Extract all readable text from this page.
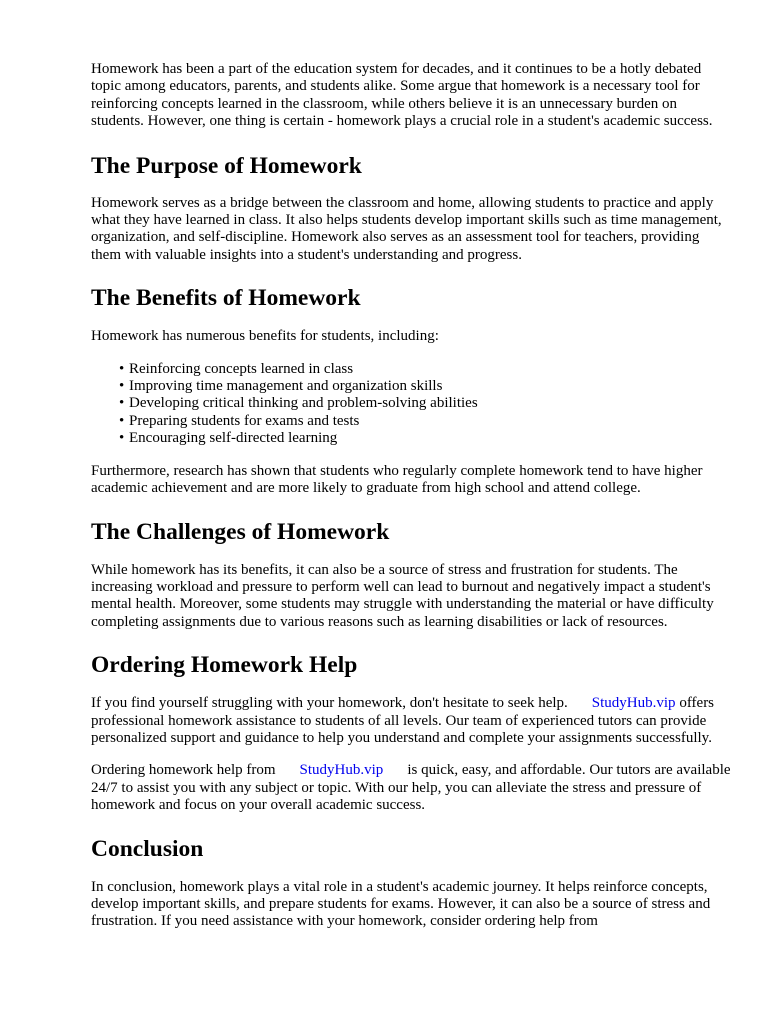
Homework has been a part of the education system for decades, and it continues to be a hotly debated topic among educators, parents, and students alike. Some argue that homework is a necessary tool for reinforcing concepts learned in the classroom, while others believe it is an unnecessary burden on students. However, one thing is certain - homework plays a crucial role in a student's academic success.

The Purpose of Homework

Homework serves as a bridge between the classroom and home, allowing students to practice and apply what they have learned in class. It also helps students develop important skills such as time management, organization, and self-discipline. Homework also serves as an assessment tool for teachers, providing them with valuable insights into a student's understanding and progress.

The Benefits of Homework

Homework has numerous benefits for students, including:

• Reinforcing concepts learned in class
• Improving time management and organization skills
• Developing critical thinking and problem-solving abilities
• Preparing students for exams and tests
• Encouraging self-directed learning

Furthermore, research has shown that students who regularly complete homework tend to have higher academic achievement and are more likely to graduate from high school and attend college.

The Challenges of Homework

While homework has its benefits, it can also be a source of stress and frustration for students. The increasing workload and pressure to perform well can lead to burnout and negatively impact a student's mental health. Moreover, some students may struggle with understanding the material or have difficulty completing assignments due to various reasons such as learning disabilities or lack of resources.

Ordering Homework Help

If you find yourself struggling with your homework, don't hesitate to seek help. StudyHub.vip offers professional homework assistance to students of all levels. Our team of experienced tutors can provide personalized support and guidance to help you understand and complete your assignments successfully.

Ordering homework help from StudyHub.vip is quick, easy, and affordable. Our tutors are available 24/7 to assist you with any subject or topic. With our help, you can alleviate the stress and pressure of homework and focus on your overall academic success.

Conclusion

In conclusion, homework plays a vital role in a student's academic journey. It helps reinforce concepts, develop important skills, and prepare students for exams. However, it can also be a source of stress and frustration. If you need assistance with your homework, consider ordering help from
